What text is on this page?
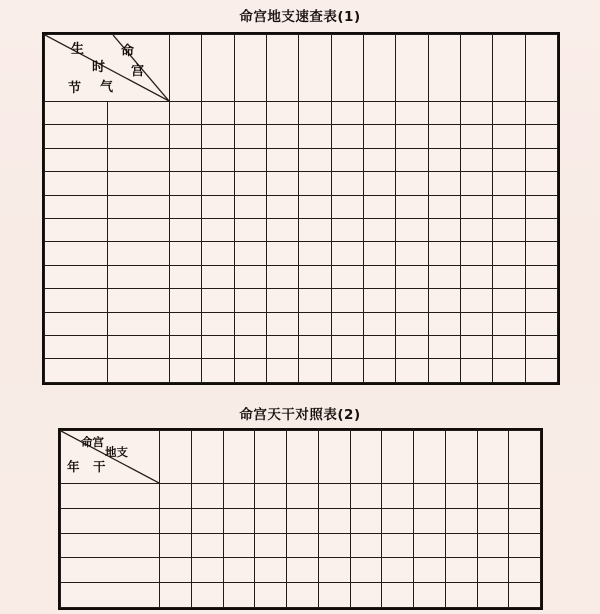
命宫地支速查表(1)
生
时
命
宫
节 气

命宫天干对照表(2)
命宫
地支
年 干												
